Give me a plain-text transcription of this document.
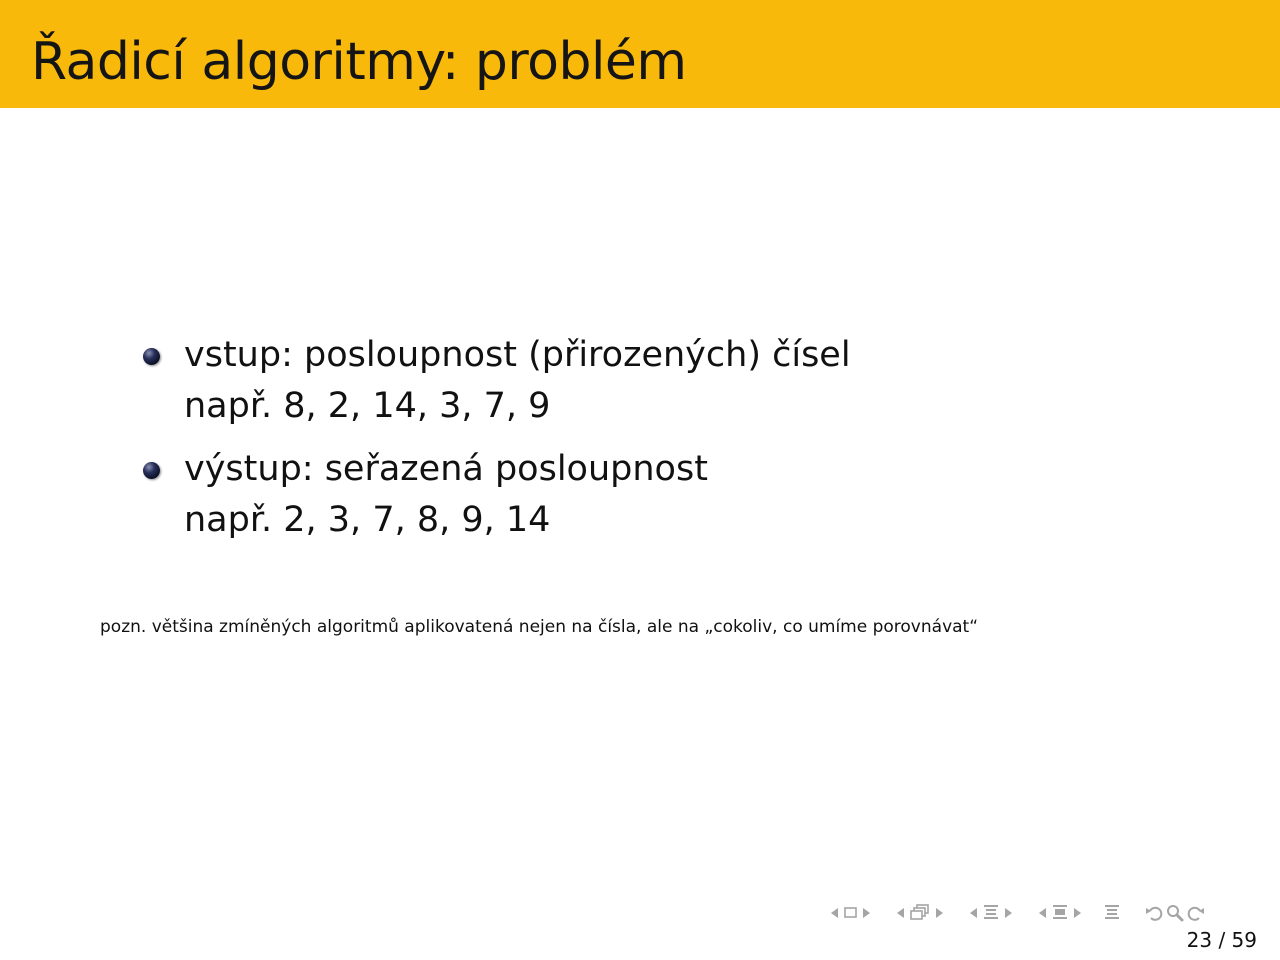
Řadicí algoritmy: problém
vstup: posloupnost (přirozených) čísel
např. 8, 2, 14, 3, 7, 9
výstup: seřazená posloupnost
např. 2, 3, 7, 8, 9, 14
pozn. většina zmíněných algoritmů aplikovatená nejen na čísla, ale na „cokoliv, co umíme porovnávat“
23 / 59
